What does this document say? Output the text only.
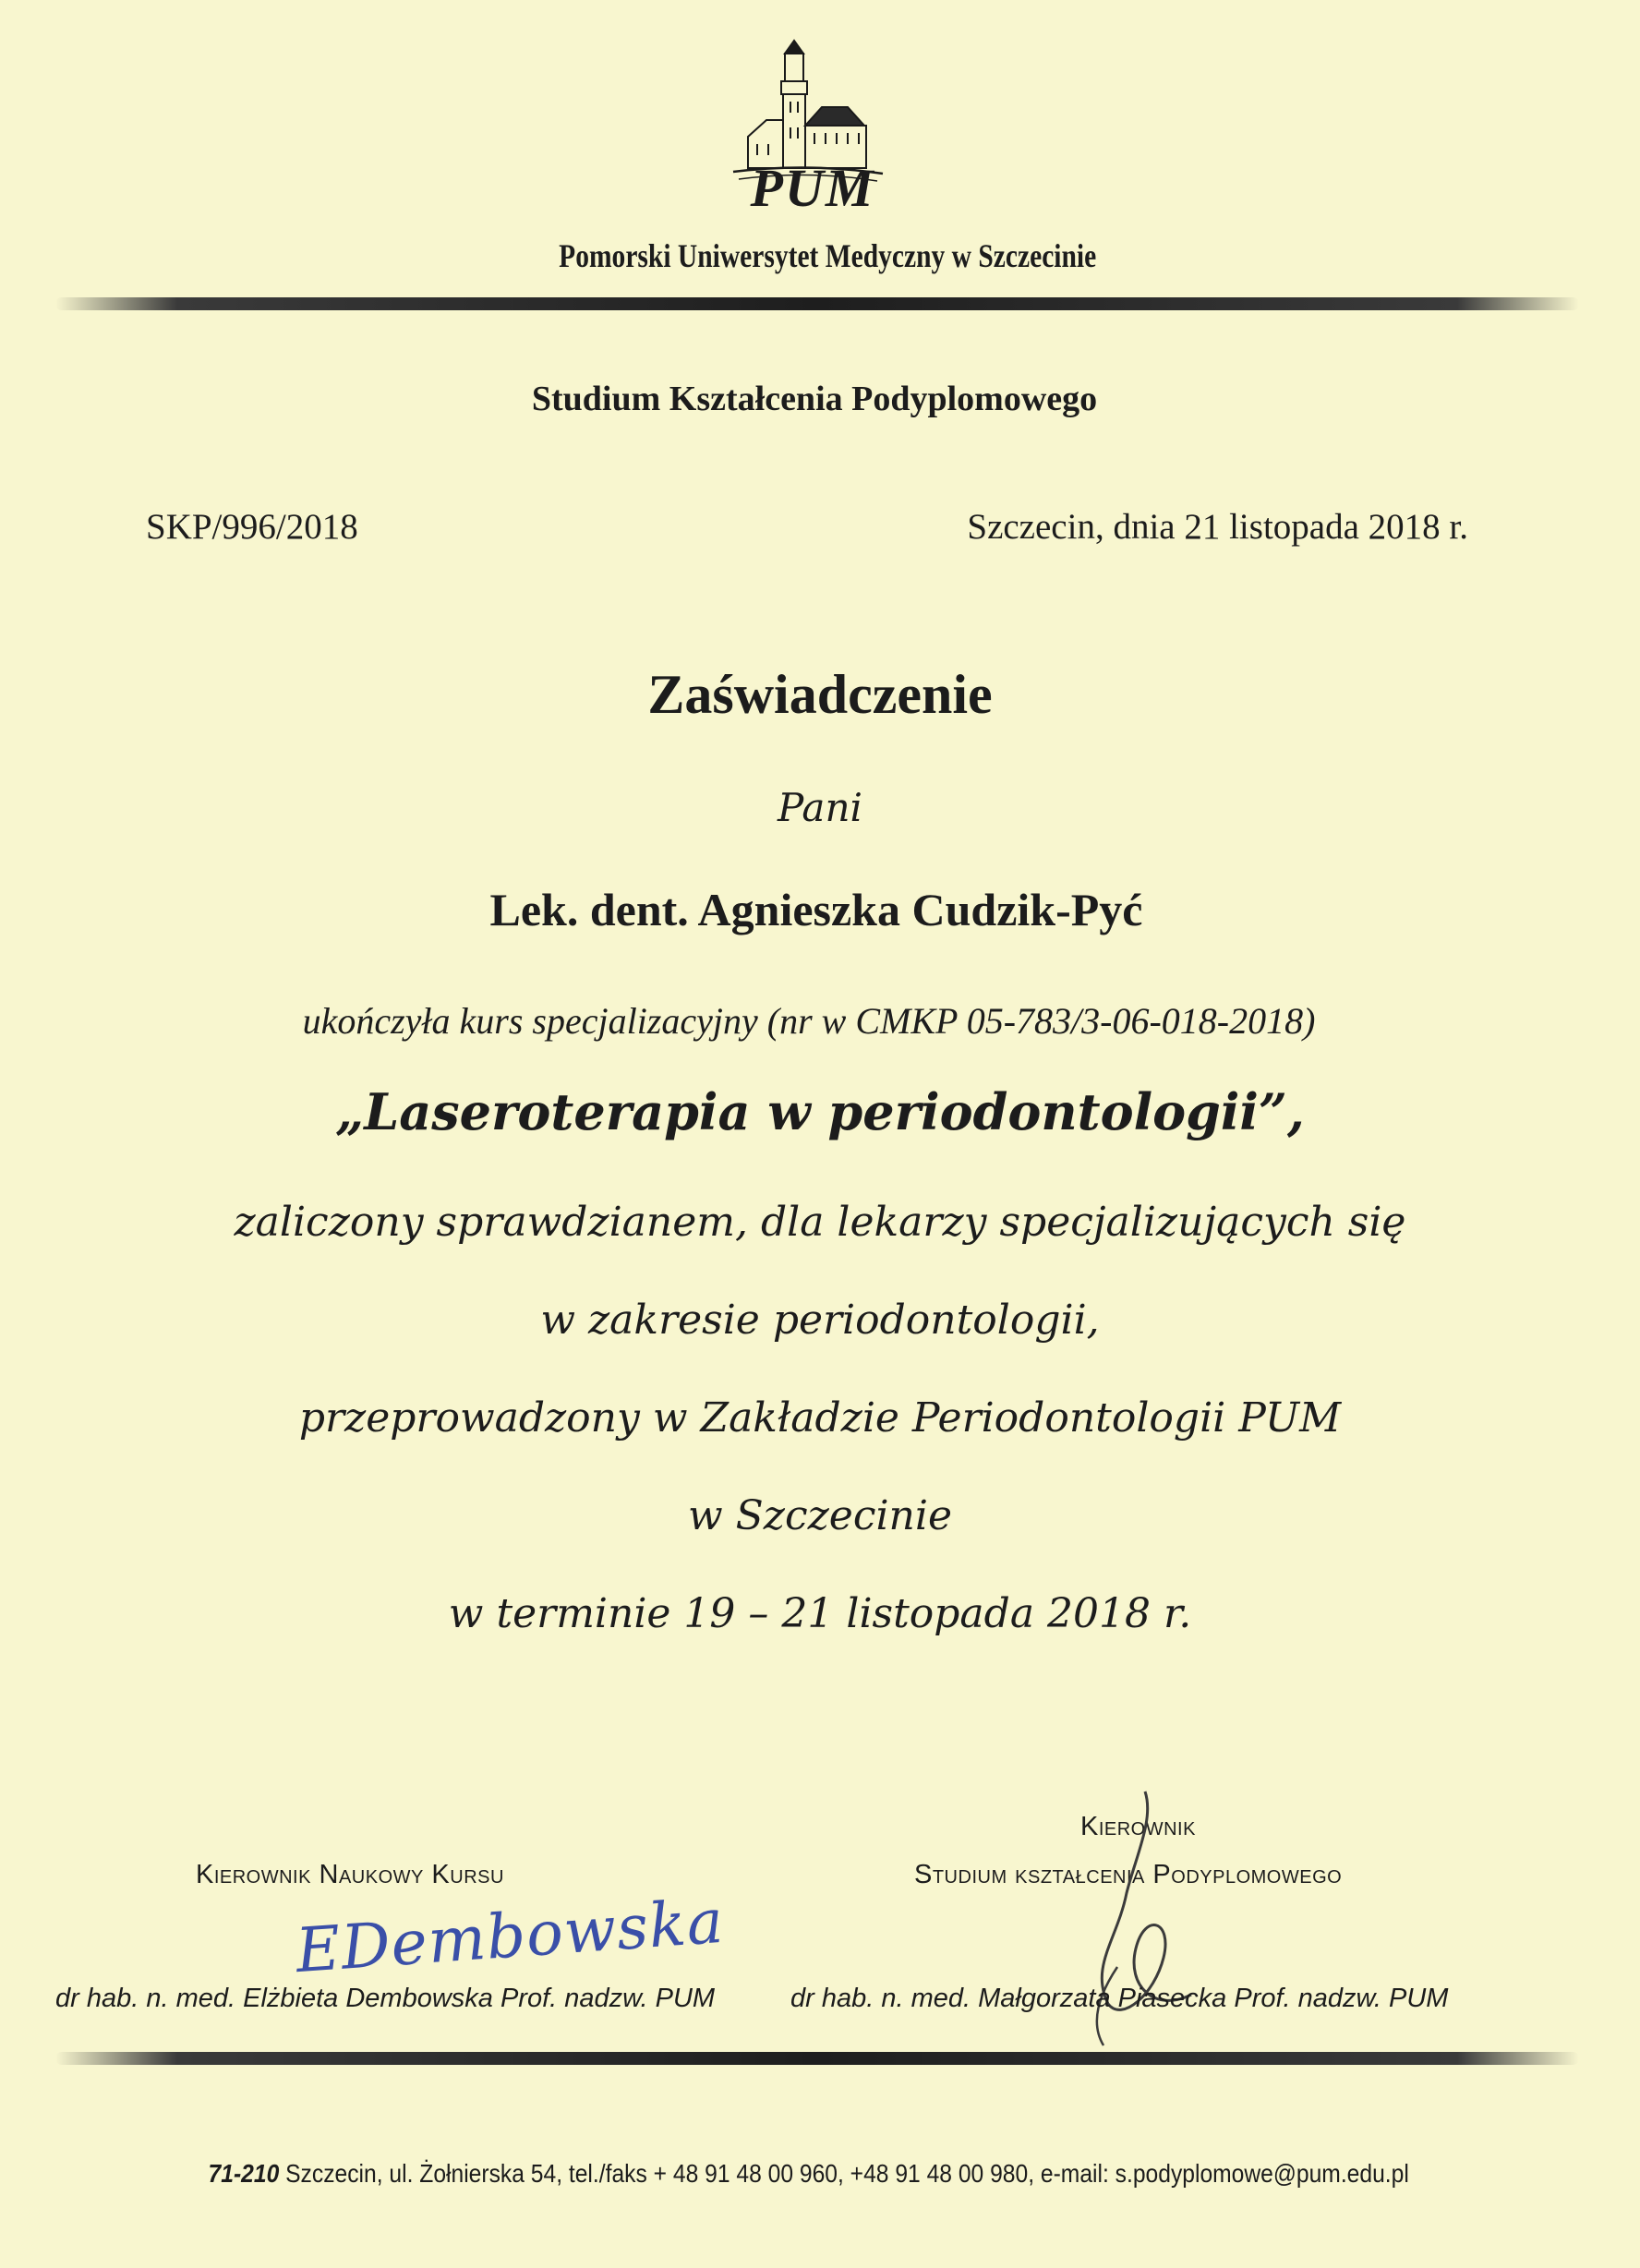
PUM
Pomorski Uniwersytet Medyczny w Szczecinie
Studium Kształcenia Podyplomowego
SKP/996/2018	Szczecin, dnia 21 listopada 2018 r.
Zaświadczenie
Pani
Lek. dent. Agnieszka Cudzik-Pyć
ukończyła kurs specjalizacyjny (nr w CMKP 05-783/3-06-018-2018)
„Laseroterapia w periodontologii”,
zaliczony sprawdzianem, dla lekarzy specjalizujących się
w zakresie periodontologii,
przeprowadzony w Zakładzie Periodontologii PUM
w Szczecinie
w terminie 19 – 21 listopada 2018 r.
Kierownik
Studium kształcenia Podyplomowego
Kierownik Naukowy Kursu
EDembowska
dr hab. n. med. Elżbieta Dembowska Prof. nadzw. PUM	dr hab. n. med. Małgorzata Piasecka Prof. nadzw. PUM
71-210 Szczecin, ul. Żołnierska 54, tel./faks + 48 91 48 00 960, +48 91 48 00 980, e-mail: s.podyplomowe@pum.edu.pl
